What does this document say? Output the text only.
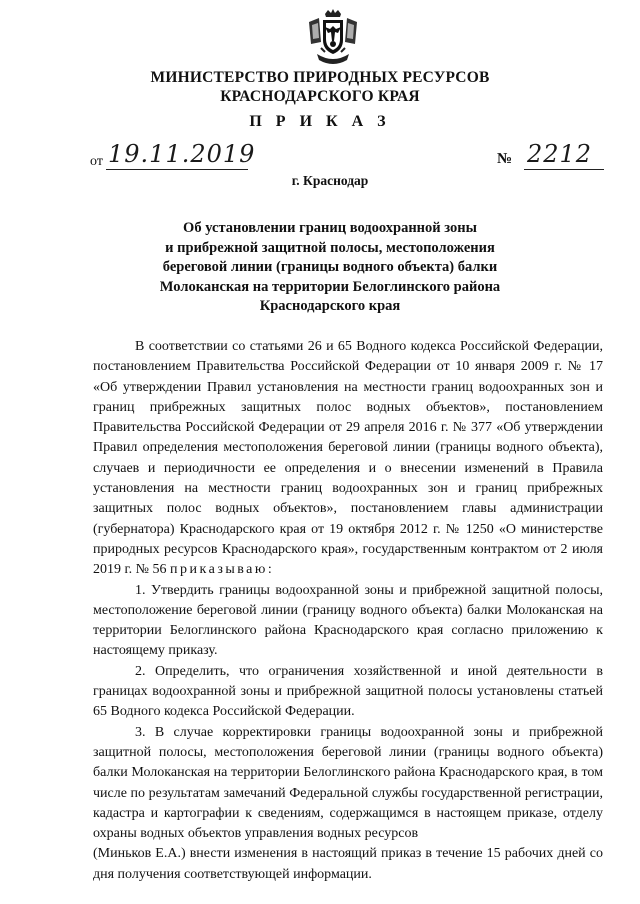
МИНИСТЕРСТВО ПРИРОДНЫХ РЕСУРСОВ
КРАСНОДАРСКОГО КРАЯ
П Р И К А З
от 19.11.2019	№ 2212
г. Краснодар
Об установлении границ водоохранной зоны
и прибрежной защитной полосы, местоположения
береговой линии (границы водного объекта) балки
Молоканская на территории Белоглинского района
Краснодарского края

В соответствии со статьями 26 и 65 Водного кодекса Российской Федерации, постановлением Правительства Российской Федерации от 10 января 2009 г. № 17 «Об утверждении Правил установления на местности границ водоохранных зон и границ прибрежных защитных полос водных объектов», постановлением Правительства Российской Федерации от 29 апреля 2016 г. № 377 «Об утверждении Правил определения местоположения береговой линии (границы водного объекта), случаев и периодичности ее определения и о внесении изменений в Правила установления на местности границ водоохранных зон и границ прибрежных защитных полос водных объектов», постановлением главы администрации (губернатора) Краснодарского края от 19 октября 2012 г. № 1250 «О министерстве природных ресурсов Краснодарского края», государственным контрактом от 2 июля 2019 г. № 56 приказываю:

1. Утвердить границы водоохранной зоны и прибрежной защитной полосы, местоположение береговой линии (границу водного объекта) балки Молоканская на территории Белоглинского района Краснодарского края согласно приложению к настоящему приказу.

2. Определить, что ограничения хозяйственной и иной деятельности в границах водоохранной зоны и прибрежной защитной полосы установлены статьей 65 Водного кодекса Российской Федерации.

3. В случае корректировки границы водоохранной зоны и прибрежной защитной полосы, местоположения береговой линии (границы водного объекта) балки Молоканская на территории Белоглинского района Краснодарского края, в том числе по результатам замечаний Федеральной службы государственной регистрации, кадастра и картографии к сведениям, содержащимся в настоящем приказе, отделу охраны водных объектов управления водных ресурсов

(Миньков Е.А.) внести изменения в настоящий приказ в течение 15 рабочих дней со дня получения соответствующей информации.
